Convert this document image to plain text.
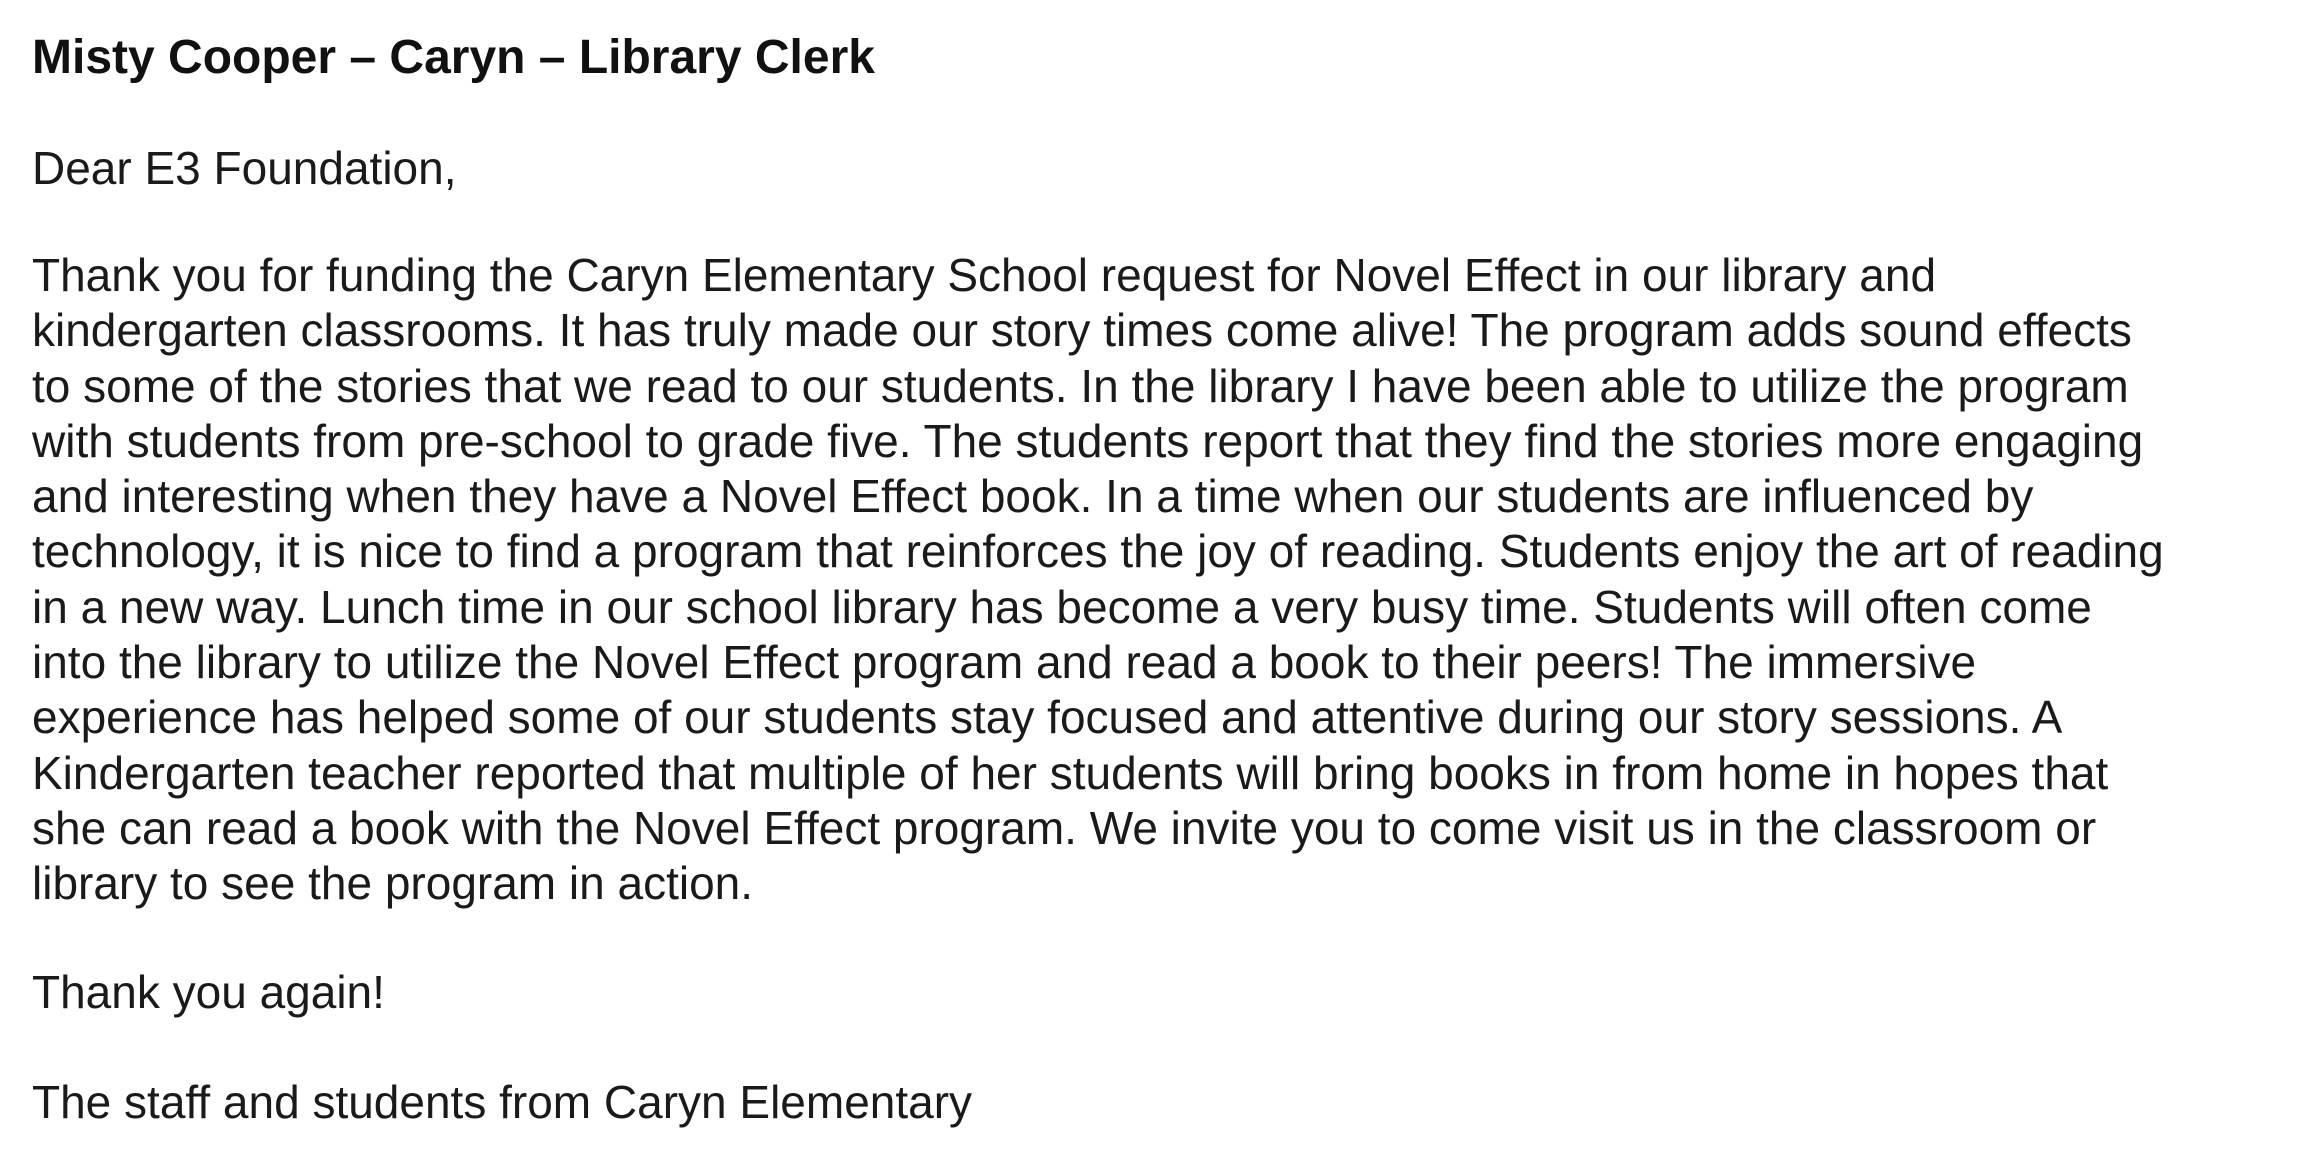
Misty Cooper – Caryn – Library Clerk

Dear E3 Foundation,

Thank you for funding the Caryn Elementary School request for Novel Effect in our library and
kindergarten classrooms. It has truly made our story times come alive! The program adds sound effects
to some of the stories that we read to our students. In the library I have been able to utilize the program
with students from pre-school to grade five. The students report that they find the stories more engaging
and interesting when they have a Novel Effect book. In a time when our students are influenced by
technology, it is nice to find a program that reinforces the joy of reading. Students enjoy the art of reading
in a new way. Lunch time in our school library has become a very busy time. Students will often come
into the library to utilize the Novel Effect program and read a book to their peers! The immersive
experience has helped some of our students stay focused and attentive during our story sessions. A
Kindergarten teacher reported that multiple of her students will bring books in from home in hopes that
she can read a book with the Novel Effect program. We invite you to come visit us in the classroom or
library to see the program in action.

Thank you again!

The staff and students from Caryn Elementary
